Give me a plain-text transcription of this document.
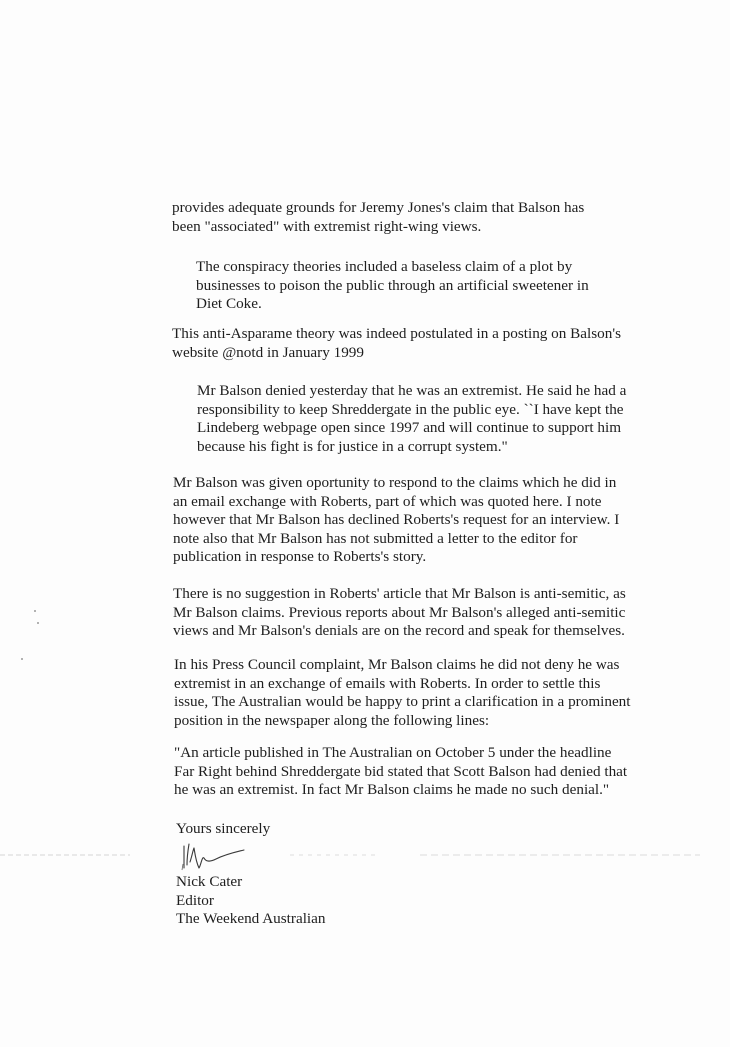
provides adequate grounds for Jeremy Jones's claim that Balson has
been "associated" with extremist right-wing views.
The conspiracy theories included a baseless claim of a plot by
businesses to poison the public through an artificial sweetener in
Diet Coke.
This anti-Asparame theory was indeed postulated in a posting on Balson's
website @notd in January 1999
Mr Balson denied yesterday that he was an extremist. He said he had a
responsibility to keep Shreddergate in the public eye. ``I have kept the
Lindeberg webpage open since 1997 and will continue to support him
because his fight is for justice in a corrupt system."
Mr Balson was given oportunity to respond to the claims which he did in
an email exchange with Roberts, part of which was quoted here. I note
however that Mr Balson has declined Roberts's request for an interview. I
note also that Mr Balson has not submitted a letter to the editor for
publication in response to Roberts's story.
There is no suggestion in Roberts' article that Mr Balson is anti-semitic, as
Mr Balson claims. Previous reports about Mr Balson's alleged anti-semitic
views and Mr Balson's denials are on the record and speak for themselves.
In his Press Council complaint, Mr Balson claims he did not deny he was
extremist in an exchange of emails with Roberts. In order to settle this
issue, The Australian would be happy to print a clarification in a prominent
position in the newspaper along the following lines:
"An article published in The Australian on October 5 under the headline
Far Right behind Shreddergate bid stated that Scott Balson had denied that
he was an extremist. In fact Mr Balson claims he made no such denial."
Yours sincerely
Nick Cater
Editor
The Weekend Australian
